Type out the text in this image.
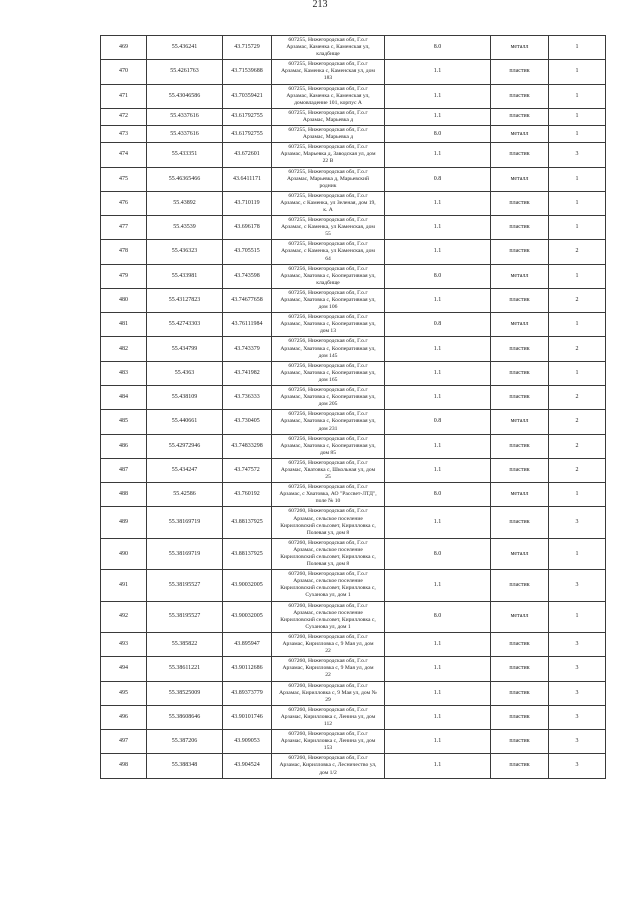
213
469	55.436241	43.715729	607255, Нижегородская обл, Г.о.г Арзамас, Каменка с, Каменская ул, кладбище	8.0	металл	1
470	55.4261763	43.71539688	607255, Нижегородская обл, Г.о.г Арзамас, Каменка с, Каменская ул, дом 183	1.1	пластик	1
471	55.43046586	43.70359421	607255, Нижегородская обл, Г.о.г Арзамас, Каменка с, Каменская ул, домовладение 101, корпус А	1.1	пластик	1
472	55.4337616	43.61792755	607255, Нижегородская обл, Г.о.г Арзамас, Марьевка д	1.1	пластик	1
473	55.4337616	43.61792755	607255, Нижегородская обл, Г.о.г Арзамас, Марьевка д	8.0	металл	1
474	55.433351	43.672601	607255, Нижегородская обл, Г.о.г Арзамас, Марьевка д, Заводская ул, дом 22 В	1.1	пластик	3
475	55.46365466	43.6411171	607255, Нижегородская обл, Г.о.г Арзамас, Марьевка д, Марьевский родник	0.8	металл	1
476	55.43892	43.710119	607255, Нижегородская обл, Г.о.г Арзамас, с Каменка, ул Зеленая, дом 19, к. А	1.1	пластик	1
477	55.43539	43.696178	607255, Нижегородская обл, Г.о.г Арзамас, с Каменка, ул Каменская, дом 55	1.1	пластик	1
478	55.436323	43.705515	607255, Нижегородская обл, Г.о.г Арзамас, с Каменка, ул Каменская, дом 64	1.1	пластик	2
479	55.433981	43.743598	607256, Нижегородская обл, Г.о.г Арзамас, Хватовка с, Кооперативная ул, кладбище	8.0	металл	1
480	55.43127823	43.74677658	607256, Нижегородская обл, Г.о.г Арзамас, Хватовка с, Кооперативная ул, дом 106	1.1	пластик	2
481	55.42743303	43.76111984	607256, Нижегородская обл, Г.о.г Арзамас, Хватовка с, Кооперативная ул, дом 13	0.8	металл	1
482	55.434799	43.743379	607256, Нижегородская обл, Г.о.г Арзамас, Хватовка с, Кооперативная ул, дом 145	1.1	пластик	2
483	55.4363	43.741982	607256, Нижегородская обл, Г.о.г Арзамас, Хватовка с, Кооперативная ул, дом 165	1.1	пластик	1
484	55.438109	43.736333	607256, Нижегородская обл, Г.о.г Арзамас, Хватовка с, Кооперативная ул, дом 205	1.1	пластик	2
485	55.440661	43.730405	607256, Нижегородская обл, Г.о.г Арзамас, Хватовка с, Кооперативная ул, дом 231	0.8	металл	2
486	55.42972946	43.74833298	607256, Нижегородская обл, Г.о.г Арзамас, Хватовка с, Кооперативная ул, дом 85	1.1	пластик	2
487	55.434247	43.747572	607256, Нижегородская обл, Г.о.г Арзамас, Хватовка с, Школьная ул, дом 25	1.1	пластик	2
488	55.42586	43.760192	607256, Нижегородская обл, Г.о.г Арзамас, с Хватовка, АО "Рассвет-ЛТД", поле № 10	8.0	металл	1
489	55.38169719	43.88137925	607260, Нижегородская обл, Г.о.г Арзамас, сельское поселение Кирилловский сельсовет, Кирилловка с, Полевая ул, дом 8	1.1	пластик	3
490	55.38169719	43.88137925	607260, Нижегородская обл, Г.о.г Арзамас, сельское поселение Кирилловский сельсовет, Кирилловка с, Полевая ул, дом 8	8.0	металл	1
491	55.38195527	43.90032005	607260, Нижегородская обл, Г.о.г Арзамас, сельское поселение Кирилловский сельсовет, Кирилловка с, Суханова ул, дом 1	1.1	пластик	3
492	55.38195527	43.90032005	607260, Нижегородская обл, Г.о.г Арзамас, сельское поселение Кирилловский сельсовет, Кирилловка с, Суханова ул, дом 1	8.0	металл	1
493	55.385822	43.895947	607260, Нижегородская обл, Г.о.г Арзамас, Кирилловка с, 9 Мая ул, дом 22	1.1	пластик	3
494	55.38611221	43.90112686	607260, Нижегородская обл, Г.о.г Арзамас, Кирилловка с, 9 Мая ул, дом 22	1.1	пластик	3
495	55.38525009	43.89373779	607260, Нижегородская обл, Г.о.г Арзамас, Кирилловка с, 9 Мая ул, дом № 29	1.1	пластик	3
496	55.38608646	43.90101746	607260, Нижегородская обл, Г.о.г Арзамас, Кирилловка с, Ленина ул, дом 112	1.1	пластик	3
497	55.387206	43.909053	607260, Нижегородская обл, Г.о.г Арзамас, Кирилловка с, Ленина ул, дом 153	1.1	пластик	3
498	55.388348	43.904524	607260, Нижегородская обл, Г.о.г Арзамас, Кирилловка с, Лесничество ул, дом 1/2	1.1	пластик	3
